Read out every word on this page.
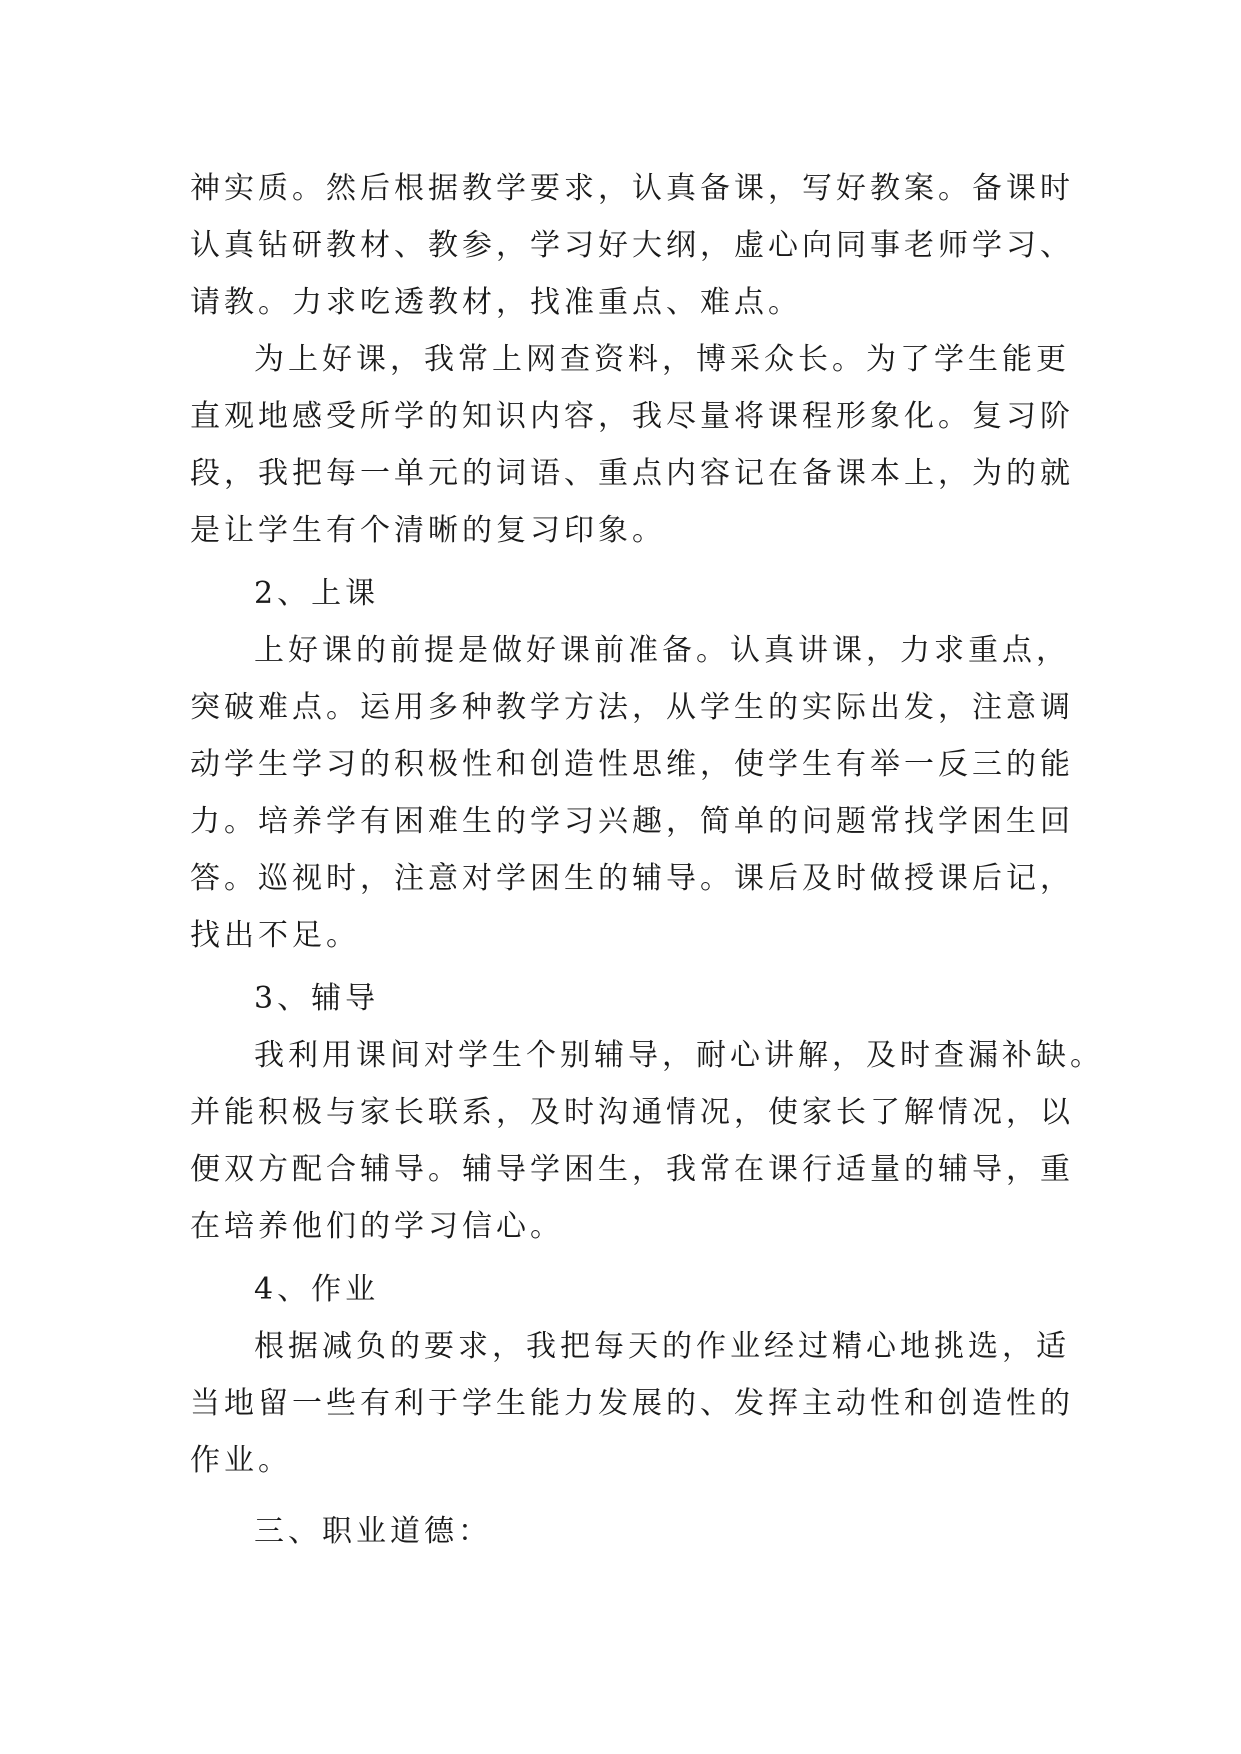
神实质。然后根据教学要求，认真备课，写好教案。备课时
认真钻研教材、教参，学习好大纲，虚心向同事老师学习、
请教。力求吃透教材，找准重点、难点。
为上好课，我常上网查资料，博采众长。为了学生能更
直观地感受所学的知识内容，我尽量将课程形象化。复习阶
段，我把每一单元的词语、重点内容记在备课本上，为的就
是让学生有个清晰的复习印象。
2、上课
上好课的前提是做好课前准备。认真讲课，力求重点，
突破难点。运用多种教学方法，从学生的实际出发，注意调
动学生学习的积极性和创造性思维，使学生有举一反三的能
力。培养学有困难生的学习兴趣，简单的问题常找学困生回
答。巡视时，注意对学困生的辅导。课后及时做授课后记，
找出不足。
3、辅导
我利用课间对学生个别辅导，耐心讲解，及时查漏补缺。
并能积极与家长联系，及时沟通情况，使家长了解情况，以
便双方配合辅导。辅导学困生，我常在课行适量的辅导，重
在培养他们的学习信心。
4、作业
根据减负的要求，我把每天的作业经过精心地挑选，适
当地留一些有利于学生能力发展的、发挥主动性和创造性的
作业。
三、职业道德：
